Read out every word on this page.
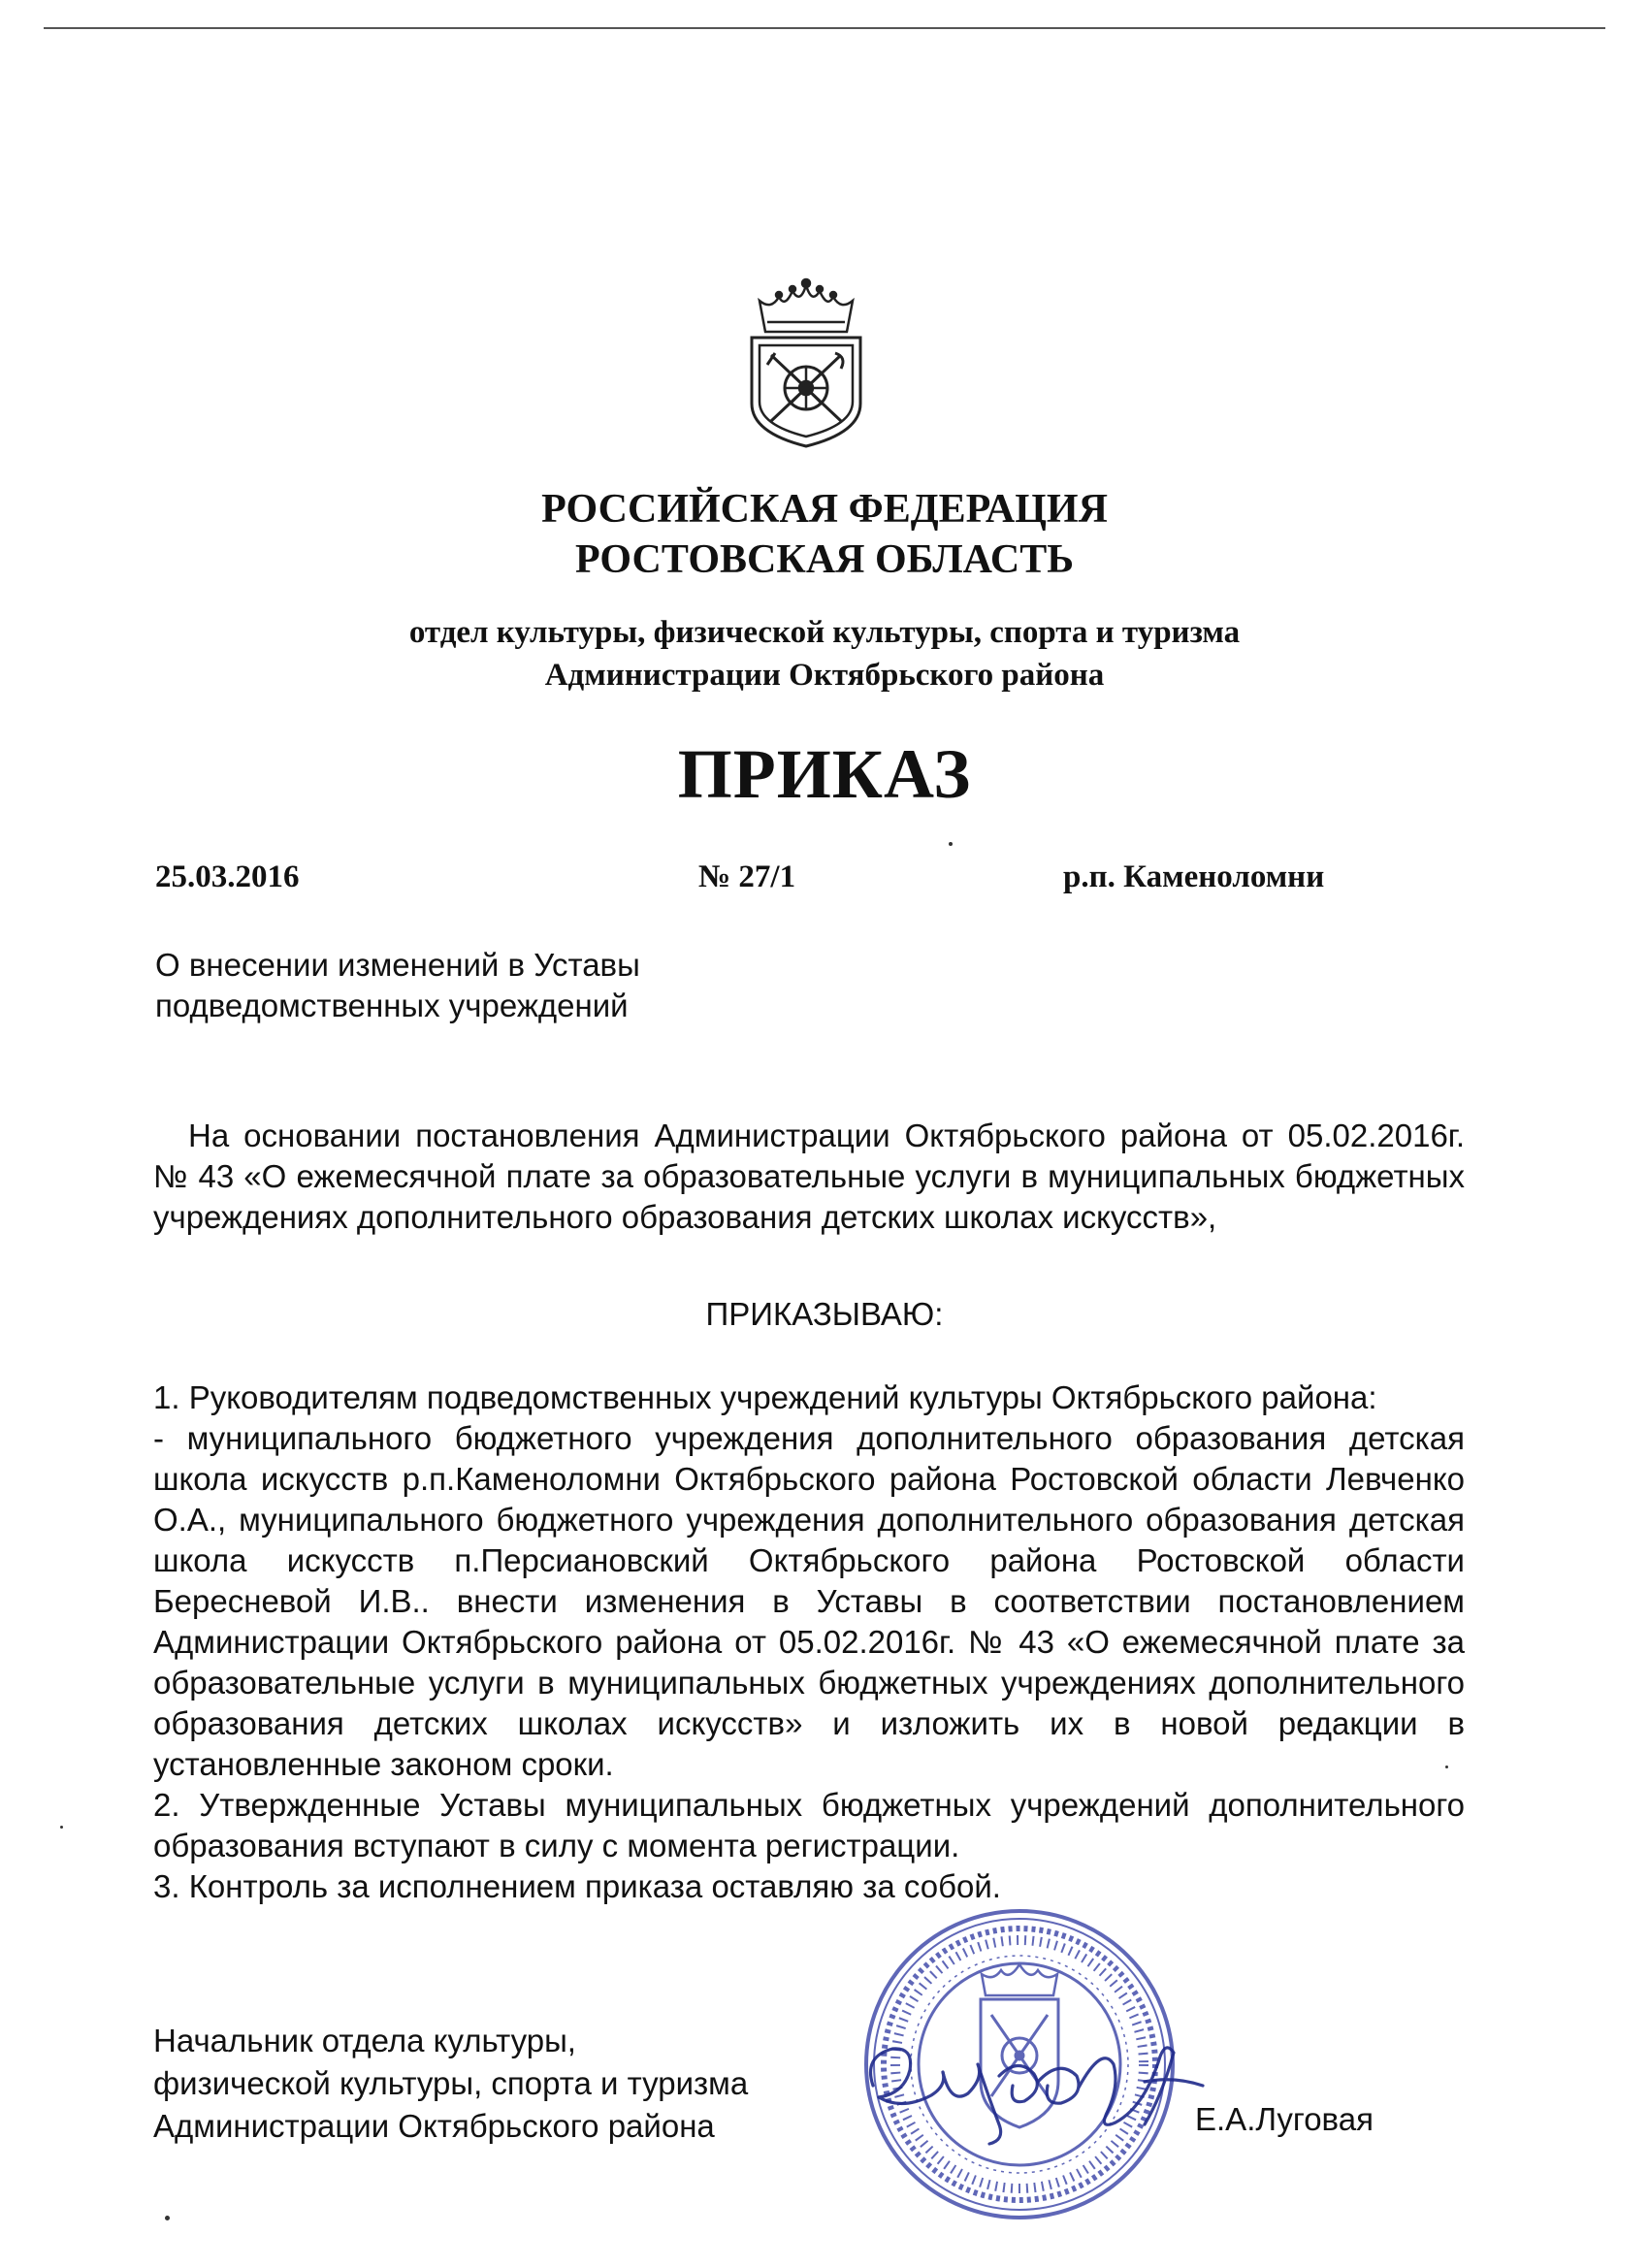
РОССИЙСКАЯ ФЕДЕРАЦИЯ
РОСТОВСКАЯ ОБЛАСТЬ
отдел культуры, физической культуры, спорта и туризма
Администрации Октябрьского района
ПРИКАЗ
25.03.2016	№ 27/1	р.п. Каменоломни
О внесении изменений в Уставы
подведомственных учреждений
На основании постановления Администрации Октябрьского района от 05.02.2016г. № 43 «О ежемесячной плате за образовательные услуги в муниципальных бюджетных учреждениях дополнительного образования детских школах искусств»,
ПРИКАЗЫВАЮ:

1. Руководителям подведомственных учреждений культуры Октябрьского района:

- муниципального бюджетного учреждения дополнительного образования детская школа искусств р.п.Каменоломни Октябрьского района Ростовской области Левченко О.А., муниципального бюджетного учреждения дополнительного образования детская школа искусств п.Персиановский Октябрьского района Ростовской области Бересневой И.В.. внести изменения в Уставы в соответствии постановлением Администрации Октябрьского района от 05.02.2016г. № 43 «О ежемесячной плате за образовательные услуги в муниципальных бюджетных учреждениях дополнительного образования детских школах искусств» и изложить их в новой редакции в установленные законом сроки.

2. Утвержденные Уставы муниципальных бюджетных учреждений дополнительного образования вступают в силу с момента регистрации.

3. Контроль за исполнением приказа оставляю за собой.

Начальник отдела культуры,
физической культуры, спорта и туризма
Администрации Октябрьского района	Е.А.Луговая
